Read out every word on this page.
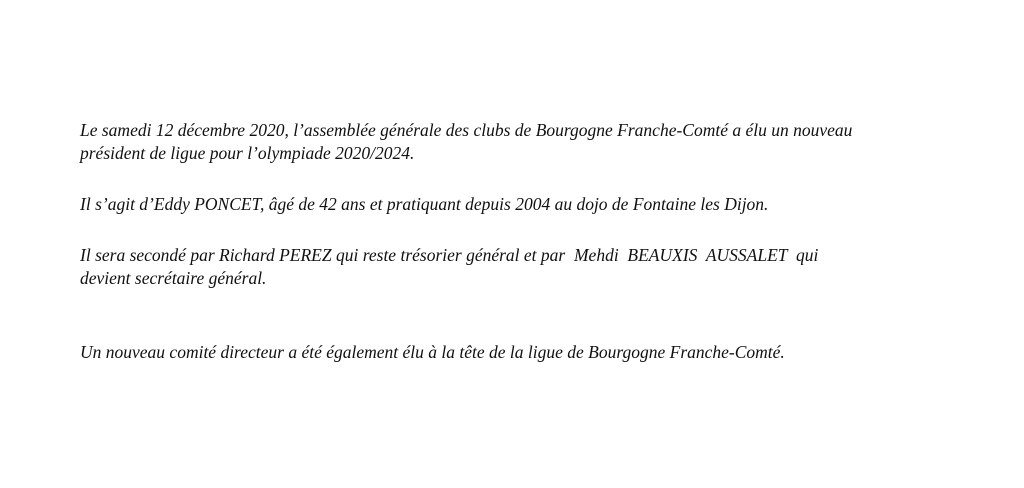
Le samedi 12 décembre 2020, l’assemblée générale des clubs de Bourgogne Franche-Comté a élu un nouveau
président de ligue pour l’olympiade 2020/2024.

Il s’agit d’Eddy PONCET, âgé de 42 ans et pratiquant depuis 2004 au dojo de Fontaine les Dijon.

Il sera secondé par Richard PEREZ qui reste trésorier général et par  Mehdi  BEAUXIS  AUSSALET  qui
devient secrétaire général.

Un nouveau comité directeur a été également élu à la tête de la ligue de Bourgogne Franche-Comté.
